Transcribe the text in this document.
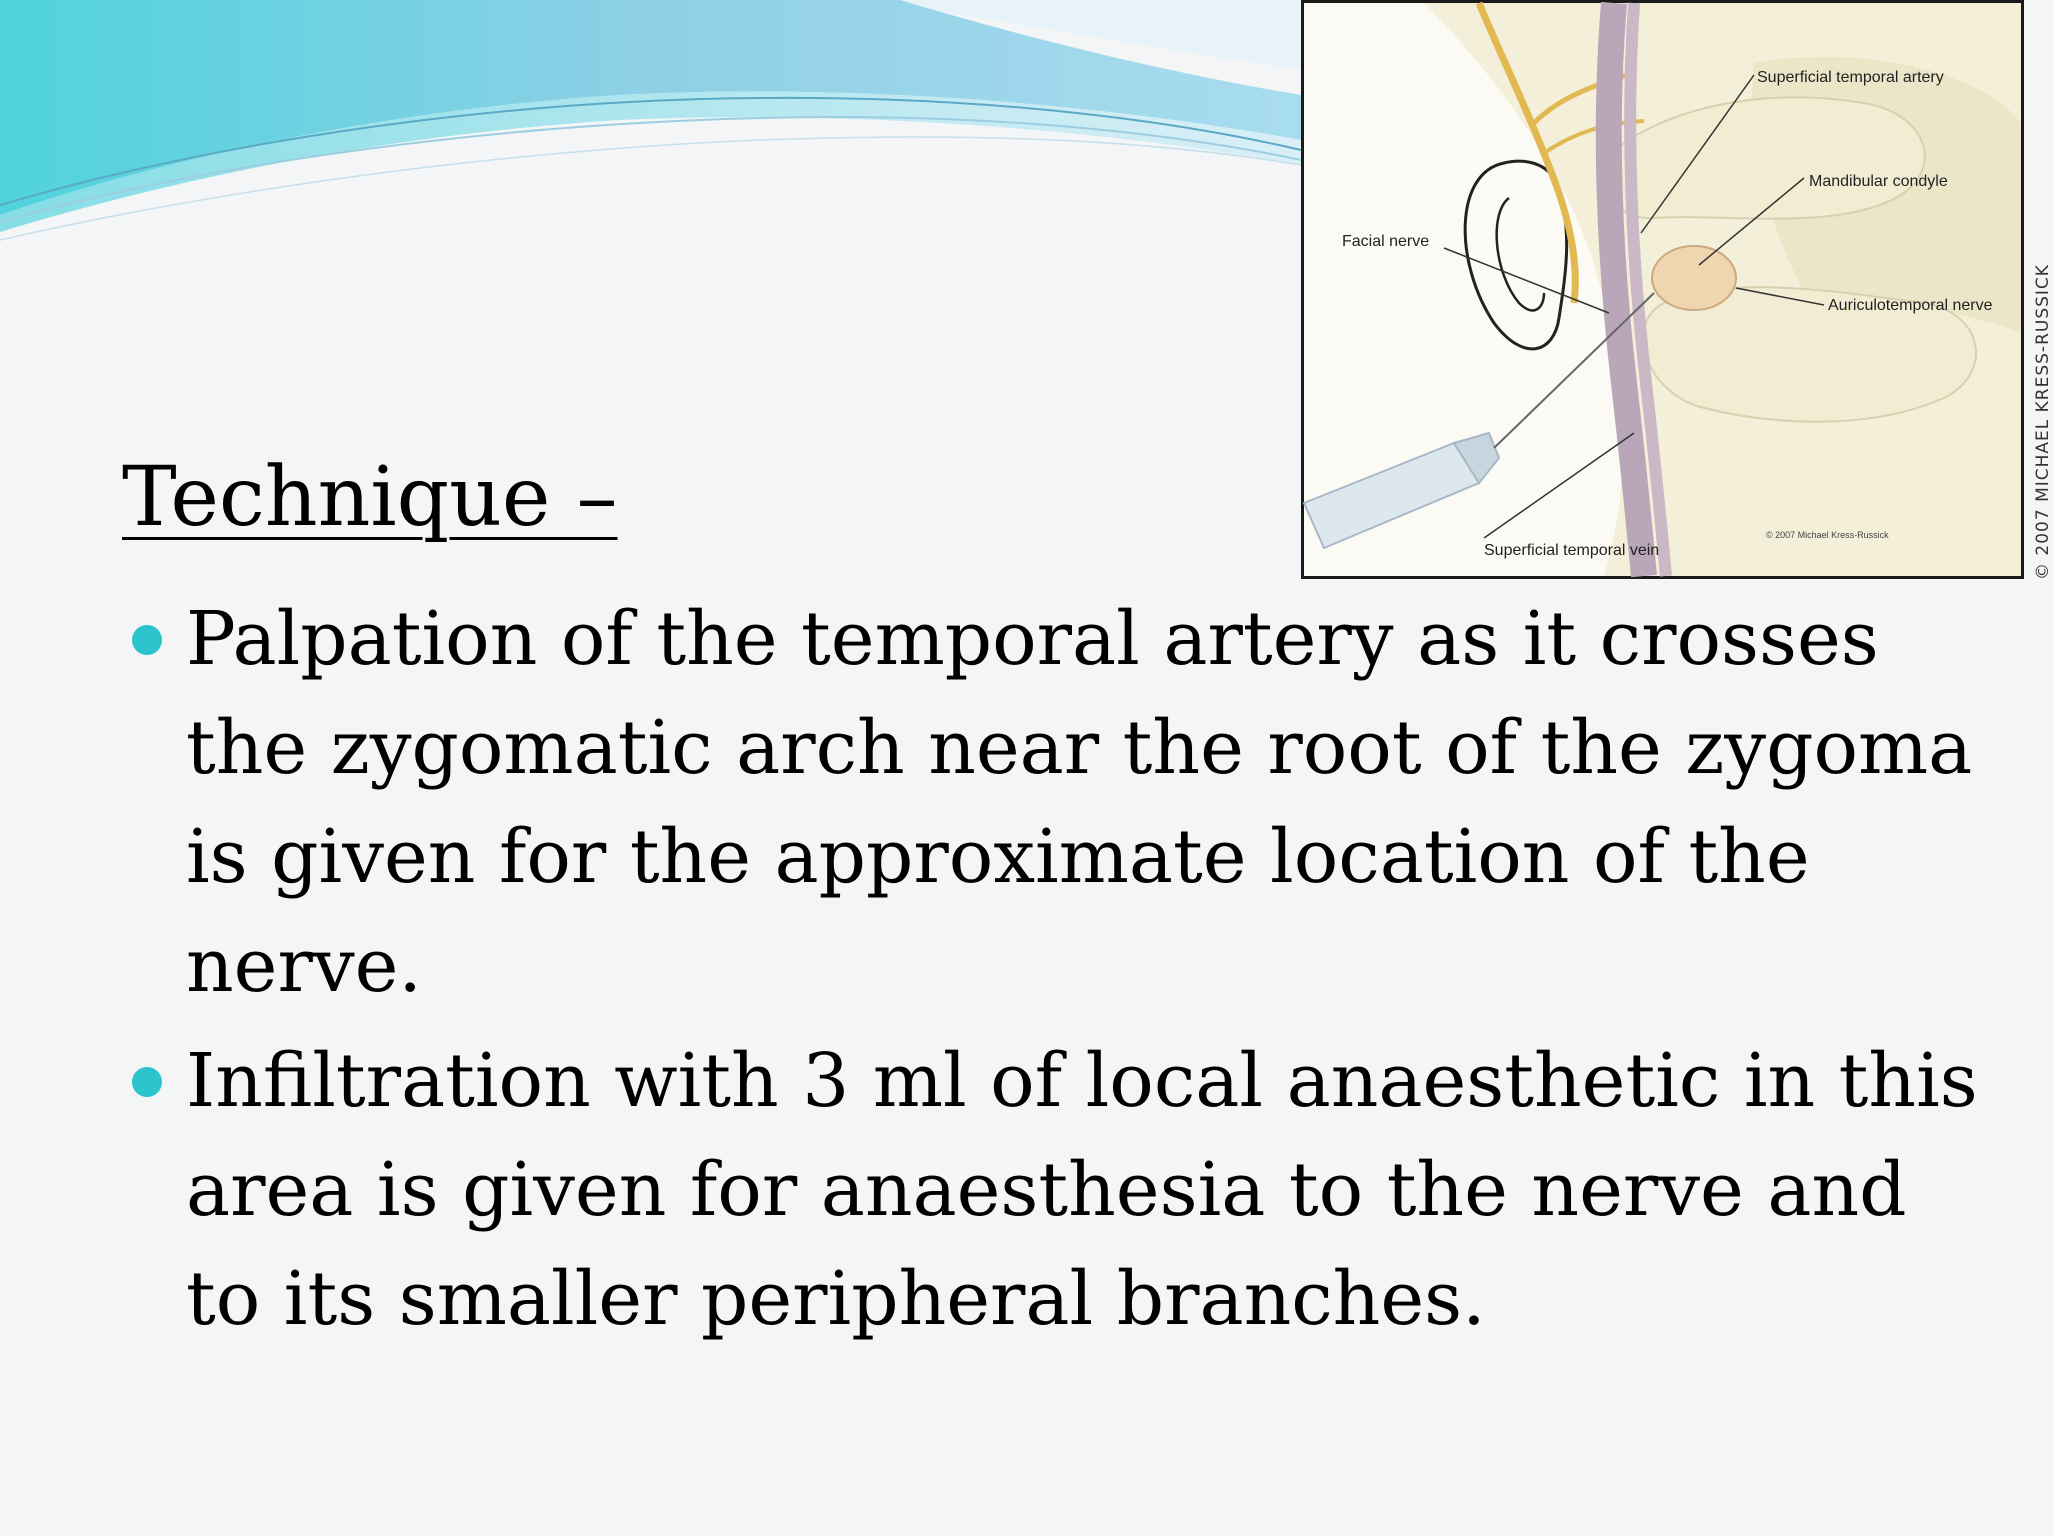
Technique –
Palpation of the temporal artery as it crosses the zygomatic arch near the root of the zygoma is given for the approximate location of the nerve.
Infiltration with 3 ml of local anaesthetic in this area is given for anaesthesia to the nerve and to its smaller peripheral branches.
Superficial temporal artery
Mandibular condyle
Facial nerve
Auriculotemporal nerve
Superficial temporal vein
© 2007 Michael Kress-Russick	© 2007 MICHAEL KRESS-RUSSICK
